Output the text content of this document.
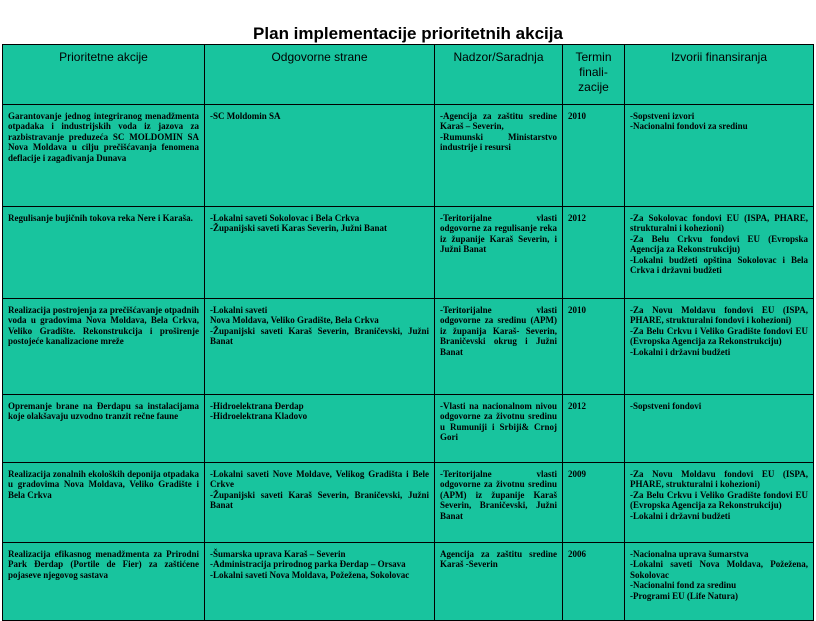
Plan implementacije prioritetnih akcija
Prioritetne akcije	Odgovorne strane	Nadzor/Saradnja	Termin finali-zacije	Izvorii finansiranja
Garantovanje jednog integriranog menadžmenta otpadaka i industrijskih voda iz jazova za razbistravanje preduzeća SC MOLDOMIN SA Nova Moldava u cilju prečišćavanja fenomena deflacije i zagađivanja Dunava	-SC Moldomin SA	-Agencija za zaštitu sredine Karaš – Severin,
-Rumunski Ministarstvo industrije i resursi	2010	-Sopstveni izvori
-Nacionalni fondovi za sredinu
Regulisanje bujičnih tokova reka Nere i Karaša.	-Lokalni saveti Sokolovac i Bela Crkva
-Županijski saveti Karas Severin, Južni Banat	-Teritorijalne vlasti odgovorne za regulisanje reka iz županije Karaš Severin, i Južni Banat	2012	-Za Sokolovac fondovi EU (ISPA, PHARE, strukturalni i kohezioni)
-Za Belu Crkvu fondovi EU (Evropska Agencija za Rekonstrukciju)
-Lokalni budžeti opština Sokolovac i Bela Crkva i državni budžeti
Realizacija postrojenja za prečišćavanje otpadnih voda u gradovima Nova Moldava, Bela Crkva, Veliko Gradište. Rekonstrukcija i proširenje postojeće kanalizacione mreže	-Lokalni saveti
Nova Moldava, Veliko Gradište, Bela Crkva
-Županijski saveti Karaš Severin, Braničevski, Južni Banat	-Teritorijalne vlasti odgovorne za sredinu (APM) iz županija Karaš- Severin, Braničevski okrug i Južni Banat	2010	-Za Novu Moldavu fondovi EU (ISPA, PHARE, strukturalni fondovi i kohezioni)
-Za Belu Crkvu i Veliko Gradište fondovi EU (Evropska Agencija za Rekonstrukciju)
-Lokalni i državni budžeti
Opremanje brane na Đerdapu sa instalacijama koje olakšavaju uzvodno tranzit rečne faune	-Hidroelektrana Đerdap
-Hidroelektrana Kladovo	-Vlasti na nacionalnom nivou odgovorne za životnu sredinu u Rumuniji i Srbiji& Crnoj Gori	2012	-Sopstveni fondovi
Realizacija zonalnih ekoloških deponija otpadaka u gradovima Nova Moldava, Veliko Gradište i Bela Crkva	-Lokalni saveti Nove Moldave, Velikog Gradišta i Bele Crkve
-Županijski saveti Karaš Severin, Braničevski, Južni Banat	-Teritorijalne vlasti odgovorne za životnu sredinu (APM) iz županije Karaš Severin, Braničevski, Južni Banat	2009	-Za Novu Moldavu fondovi EU (ISPA, PHARE, strukturalni i kohezioni)
-Za Belu Crkvu i Veliko Gradište fondovi EU (Evropska Agencija za Rekonstrukciju)
-Lokalni i državni budžeti
Realizacija efikasnog menadžmenta za Prirodni Park Đerdap (Portile de Fier) za zaštićene pojaseve njegovog sastava	-Šumarska uprava Karaš – Severin
-Administracija prirodnog parka Đerdap – Orsava
-Lokalni saveti Nova Moldava, Požežena, Sokolovac	Agencija za zaštitu sredine Karaš -Severin	2006	-Nacionalna uprava šumarstva
-Lokalni saveti Nova Moldava, Požežena, Sokolovac
-Nacionalni fond za sredinu
-Programi EU (Life Natura)
